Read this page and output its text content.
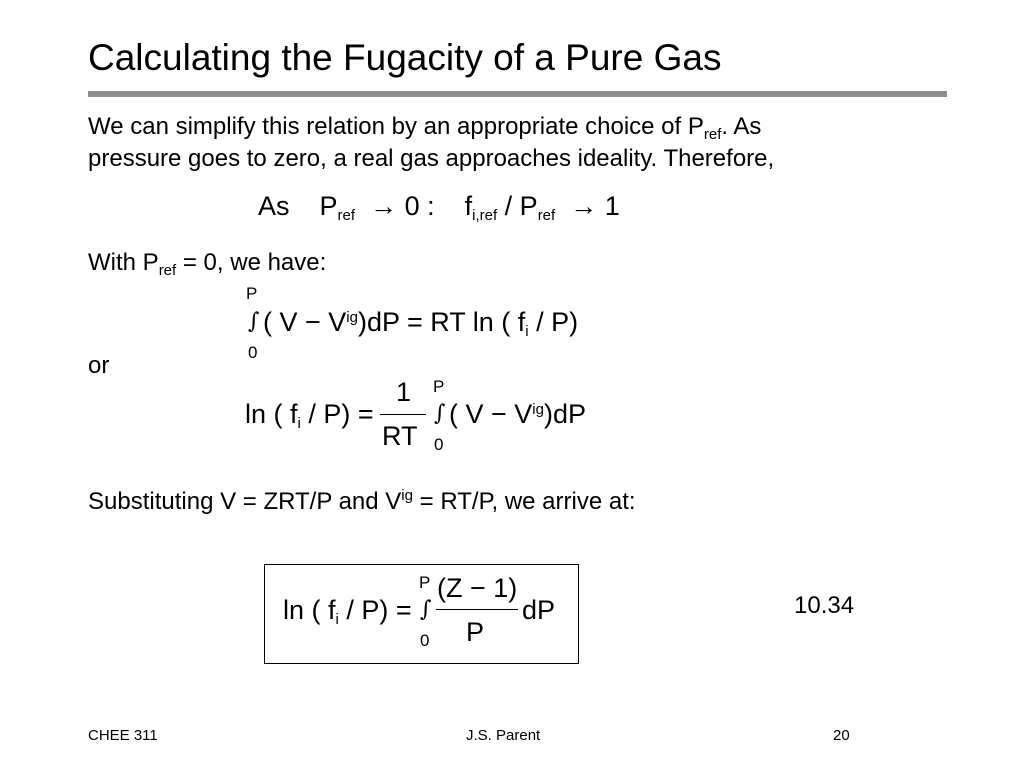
Calculating the Fugacity of a Pure Gas
We can simplify this relation by an appropriate choice of $P_{ref}$. As
pressure goes to zero, a real gas approaches ideality. Therefore,
As $P_{ref} \to 0$ : $f_{i,ref} / P_{ref} \to 1$
With $P_{ref} = 0$, we have:
P
∫
0
( $V - V^{ig})dP$ = RT ln ( $f_i / P$)
or
ln ( $f_i / P$) =
1
RT
P
∫
0
( $V - V^{ig})dP$
Substituting V = ZRT/P and $V^{ig} = RT/P$, we arrive at:
ln ( $f_i / P$) =
P
∫
0
(Z − 1)
P
dP	10.34
CHEE 311	J.S. Parent	20
